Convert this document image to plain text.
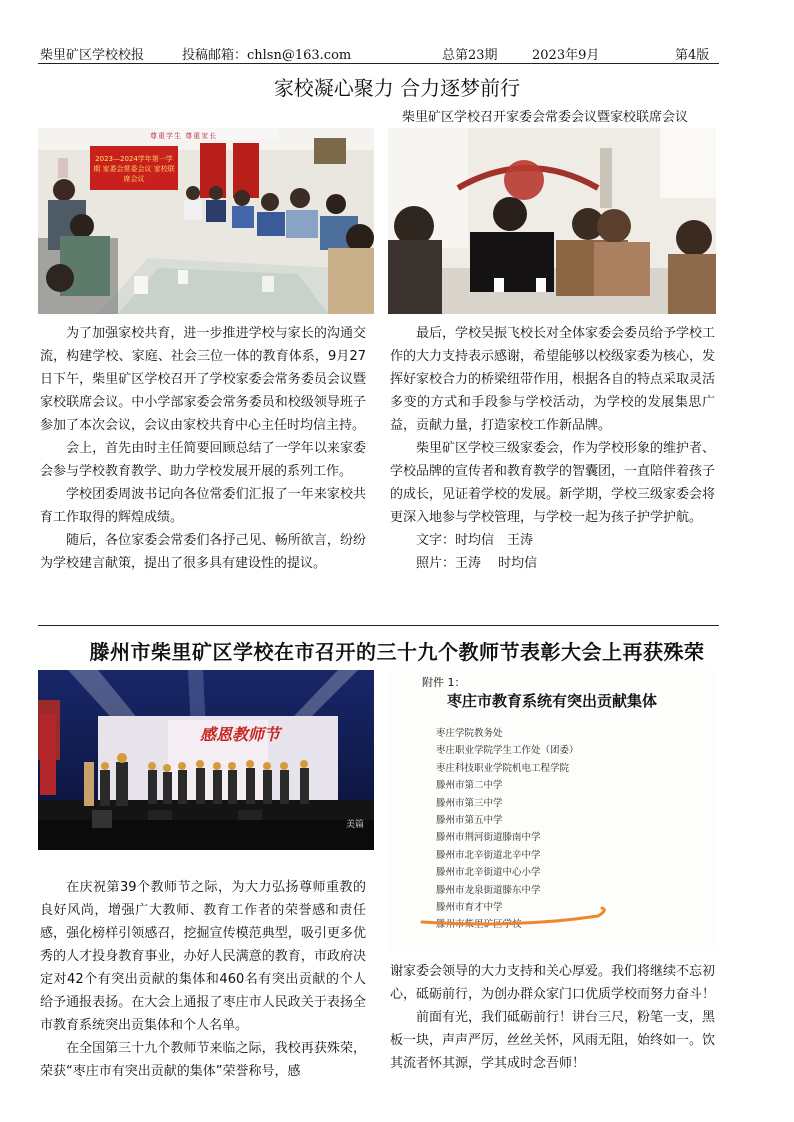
柴里矿区学校校报	投稿邮箱：chlsn@163.com	总第23期	2023年9月	第4版
家校凝心聚力 合力逐梦前行
柴里矿区学校召开家委会常委会议暨家校联席会议
2023—2024学年第一学期 家委会常委会议 家校联席会议
尊重学生 尊重家长

为了加强家校共育，进一步推进学校与家长的沟通交流，构建学校、家庭、社会三位一体的教育体系，9月27日下午，柴里矿区学校召开了学校家委会常务委员会议暨家校联席会议。中小学部家委会常务委员和校级领导班子参加了本次会议，会议由家校共育中心主任时均信主持。

会上，首先由时主任简要回顾总结了一学年以来家委会参与学校教育教学、助力学校发展开展的系列工作。

学校团委周波书记向各位常委们汇报了一年来家校共育工作取得的辉煌成绩。

随后，各位家委会常委们各抒己见、畅所欲言，纷纷为学校建言献策，提出了很多具有建设性的提议。

最后，学校吴振飞校长对全体家委会委员给予学校工作的大力支持表示感谢，希望能够以校级家委为核心，发挥好家校合力的桥梁纽带作用，根据各自的特点采取灵活多变的方式和手段参与学校活动，为学校的发展集思广益，贡献力量，打造家校工作新品牌。

柴里矿区学校三级家委会，作为学校形象的维护者、学校品牌的宣传者和教育教学的智囊团，一直陪伴着孩子的成长，见证着学校的发展。新学期，学校三级家委会将更深入地参与学校管理，与学校一起为孩子护学护航。

文字：时均信　王涛

照片：王涛　 时均信

滕州市柴里矿区学校在市召开的三十九个教师节表彰大会上再获殊荣
感恩教师节
美篇
附件 1：
枣庄市教育系统有突出贡献集体
枣庄学院教务处
枣庄职业学院学生工作处（团委）
枣庄科技职业学院机电工程学院
滕州市第二中学
滕州市第三中学
滕州市第五中学
滕州市荆河街道滕南中学
滕州市北辛街道北辛中学
滕州市北辛街道中心小学
滕州市龙泉街道滕东中学
滕州市育才中学
滕州市柴里矿区学校

在庆祝第39个教师节之际，为大力弘扬尊师重教的良好风尚，增强广大教师、教育工作者的荣誉感和责任感，强化榜样引领感召，挖掘宣传模范典型，吸引更多优秀的人才投身教育事业，办好人民满意的教育，市政府决定对42个有突出贡献的集体和460名有突出贡献的个人给予通报表扬。在大会上通报了枣庄市人民政关于表扬全市教育系统突出贡集体和个人名单。

在全国第三十九个教师节来临之际，我校再获殊荣，荣获“枣庄市有突出贡献的集体”荣誉称号，感

谢家委会领导的大力支持和关心厚爱。我们将继续不忘初心，砥砺前行，为创办群众家门口优质学校而努力奋斗！

前面有光，我们砥砺前行！讲台三尺，粉笔一支，黑板一块，声声严厉，丝丝关怀，风雨无阻，始终如一。饮其流者怀其源，学其成时念吾师！
